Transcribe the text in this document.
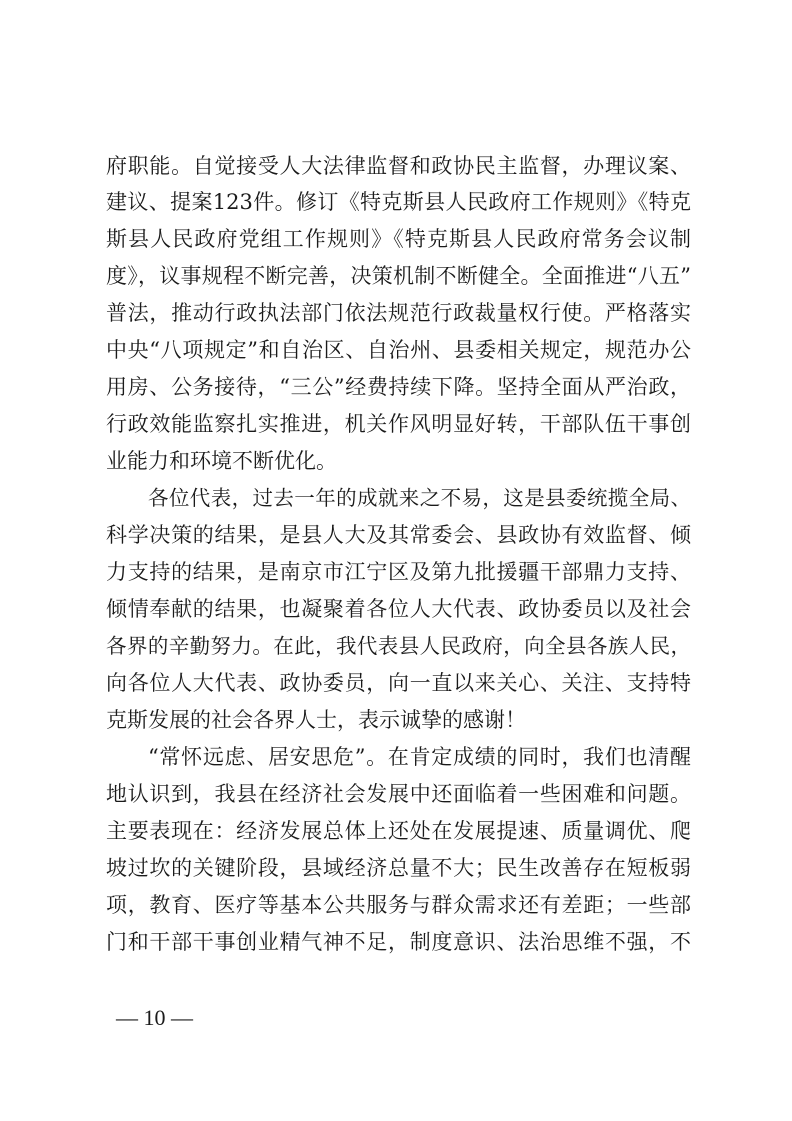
府职能。自觉接受人大法律监督和政协民主监督，办理议案、
建议、提案123件。修订《特克斯县人民政府工作规则》《特克
斯县人民政府党组工作规则》《特克斯县人民政府常务会议制
度》，议事规程不断完善，决策机制不断健全。全面推进“八五”
普法，推动行政执法部门依法规范行政裁量权行使。严格落实
中央“八项规定”和自治区、自治州、县委相关规定，规范办公
用房、公务接待，“三公”经费持续下降。坚持全面从严治政，
行政效能监察扎实推进，机关作风明显好转，干部队伍干事创
业能力和环境不断优化。
各位代表，过去一年的成就来之不易，这是县委统揽全局、
科学决策的结果，是县人大及其常委会、县政协有效监督、倾
力支持的结果，是南京市江宁区及第九批援疆干部鼎力支持、
倾情奉献的结果，也凝聚着各位人大代表、政协委员以及社会
各界的辛勤努力。在此，我代表县人民政府，向全县各族人民，
向各位人大代表、政协委员，向一直以来关心、关注、支持特
克斯发展的社会各界人士，表示诚挚的感谢！
“常怀远虑、居安思危”。在肯定成绩的同时，我们也清醒
地认识到，我县在经济社会发展中还面临着一些困难和问题。
主要表现在：经济发展总体上还处在发展提速、质量调优、爬
坡过坎的关键阶段，县域经济总量不大；民生改善存在短板弱
项，教育、医疗等基本公共服务与群众需求还有差距；一些部
门和干部干事创业精气神不足，制度意识、法治思维不强，不
— 10 —
